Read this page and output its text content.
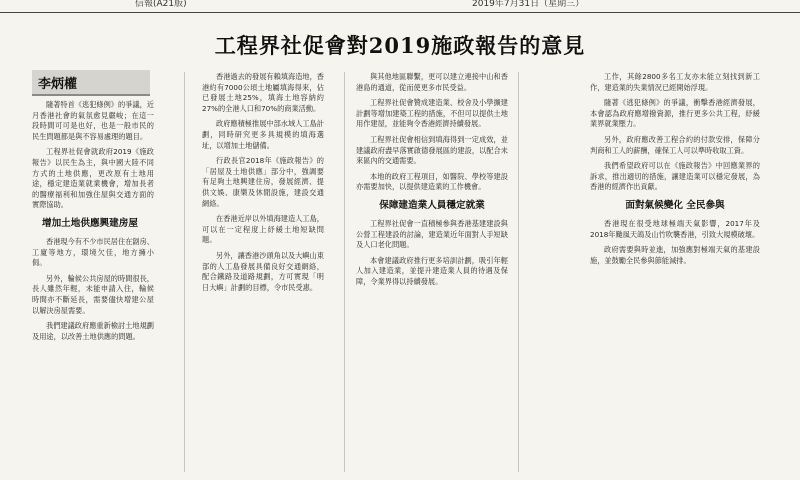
信報(A21版)	2019年7月31日（星期三）
工程界社促會對2019施政報告的意見
李炳權

隨著特首《逃犯條例》的爭議，近月香港社會的氣氛愈見嚴峻；在這一段時間可可是也好，也是一般市民的民生問題都是與不容易處理的題目。

工程界社促會就政府2019《施政報告》以民生為主，與中國大陸不同方式的土地供應，更改原有土地用途，穩定建造業就業機會，增加長者的醫療福利和加強住屋與交通方面的實際協助。

增加土地供應興建房屋

香港現今有不少市民居住在劏房、工廈等地方，環境欠佳，地方擁小侷。

另外，輪候公共房屋的時間很長，長人雖然年輕，未能申請入住，輪候時間亦不斷延長，需要儘快增建公屋以解決房屋需要。

我們建議政府應重新檢討土地規劃及用途，以改善土地供應的問題。

香港過去的發展有賴填海造地，香港約有7000公頃土地屬填海得來，佔已發展土地25%，填海土地容納約27%的全港人口和70%的商業活動。

政府應積極推展中部水域人工島計劃，同時研究更多具規模的填海選址，以增加土地儲備。

行政長官2018年《施政報告》的「居屋及土地供應」部分中，強調要有足夠土地興建住房，發展經濟、提供文娛、康樂及休閒設施，建設交通網絡。

在香港近岸以外填海建造人工島，可以在一定程度上紓緩土地短缺問題。

另外，讓香港沙頭角以及大嶼山東部的人工島發展具備良好交通網絡，配合鐵路及道路規劃，方可實現「明日大嶼」計劃的目標，令市民受惠。

與其他地區聯繫，更可以建立連接中山和香港島的通道，從而使更多市民受益。

工程界社促會贊成建造業、校舍及小學擴建計劃等增加建築工程的措施，不但可以提供土地用作建屋，並能夠令香港經濟持續發展。

工程界社促會相信到填海得到一定成效，並建議政府盡早落實啟德發展區的建設，以配合未來區內的交通需要。

本地的政府工程項目，如醫院、學校等建設亦需要加快，以提供建造業的工作機會。

保障建造業人員穩定就業

工程界社促會一直積極參與香港基建建設與公營工程建設的討論，建造業近年面對人手短缺及人口老化問題。

本會建議政府推行更多培訓計劃，吸引年輕人加入建造業，並提升建造業人員的待遇及保障，令業界得以持續發展。

工作，其餘2800多名工友亦未能立刻找到新工作，建造業的失業情況已經開始浮現。

隨著《逃犯條例》的爭議，衝擊香港經濟發展，本會認為政府應增撥資源，推行更多公共工程，紓緩業界就業壓力。

另外，政府應改善工程合約的付款安排，保障分判商和工人的薪酬，確保工人可以準時收取工資。

我們希望政府可以在《施政報告》中回應業界的訴求，推出適切的措施，讓建造業可以穩定發展，為香港的經濟作出貢獻。

面對氣候變化 全民參與

香港現在很受地球極端天氣影響，2017年及2018年颱風天鴿及山竹吹襲香港，引致大規模破壞。

政府需要與時並進，加強應對極端天氣的基建設施，並鼓勵全民參與節能減排。
